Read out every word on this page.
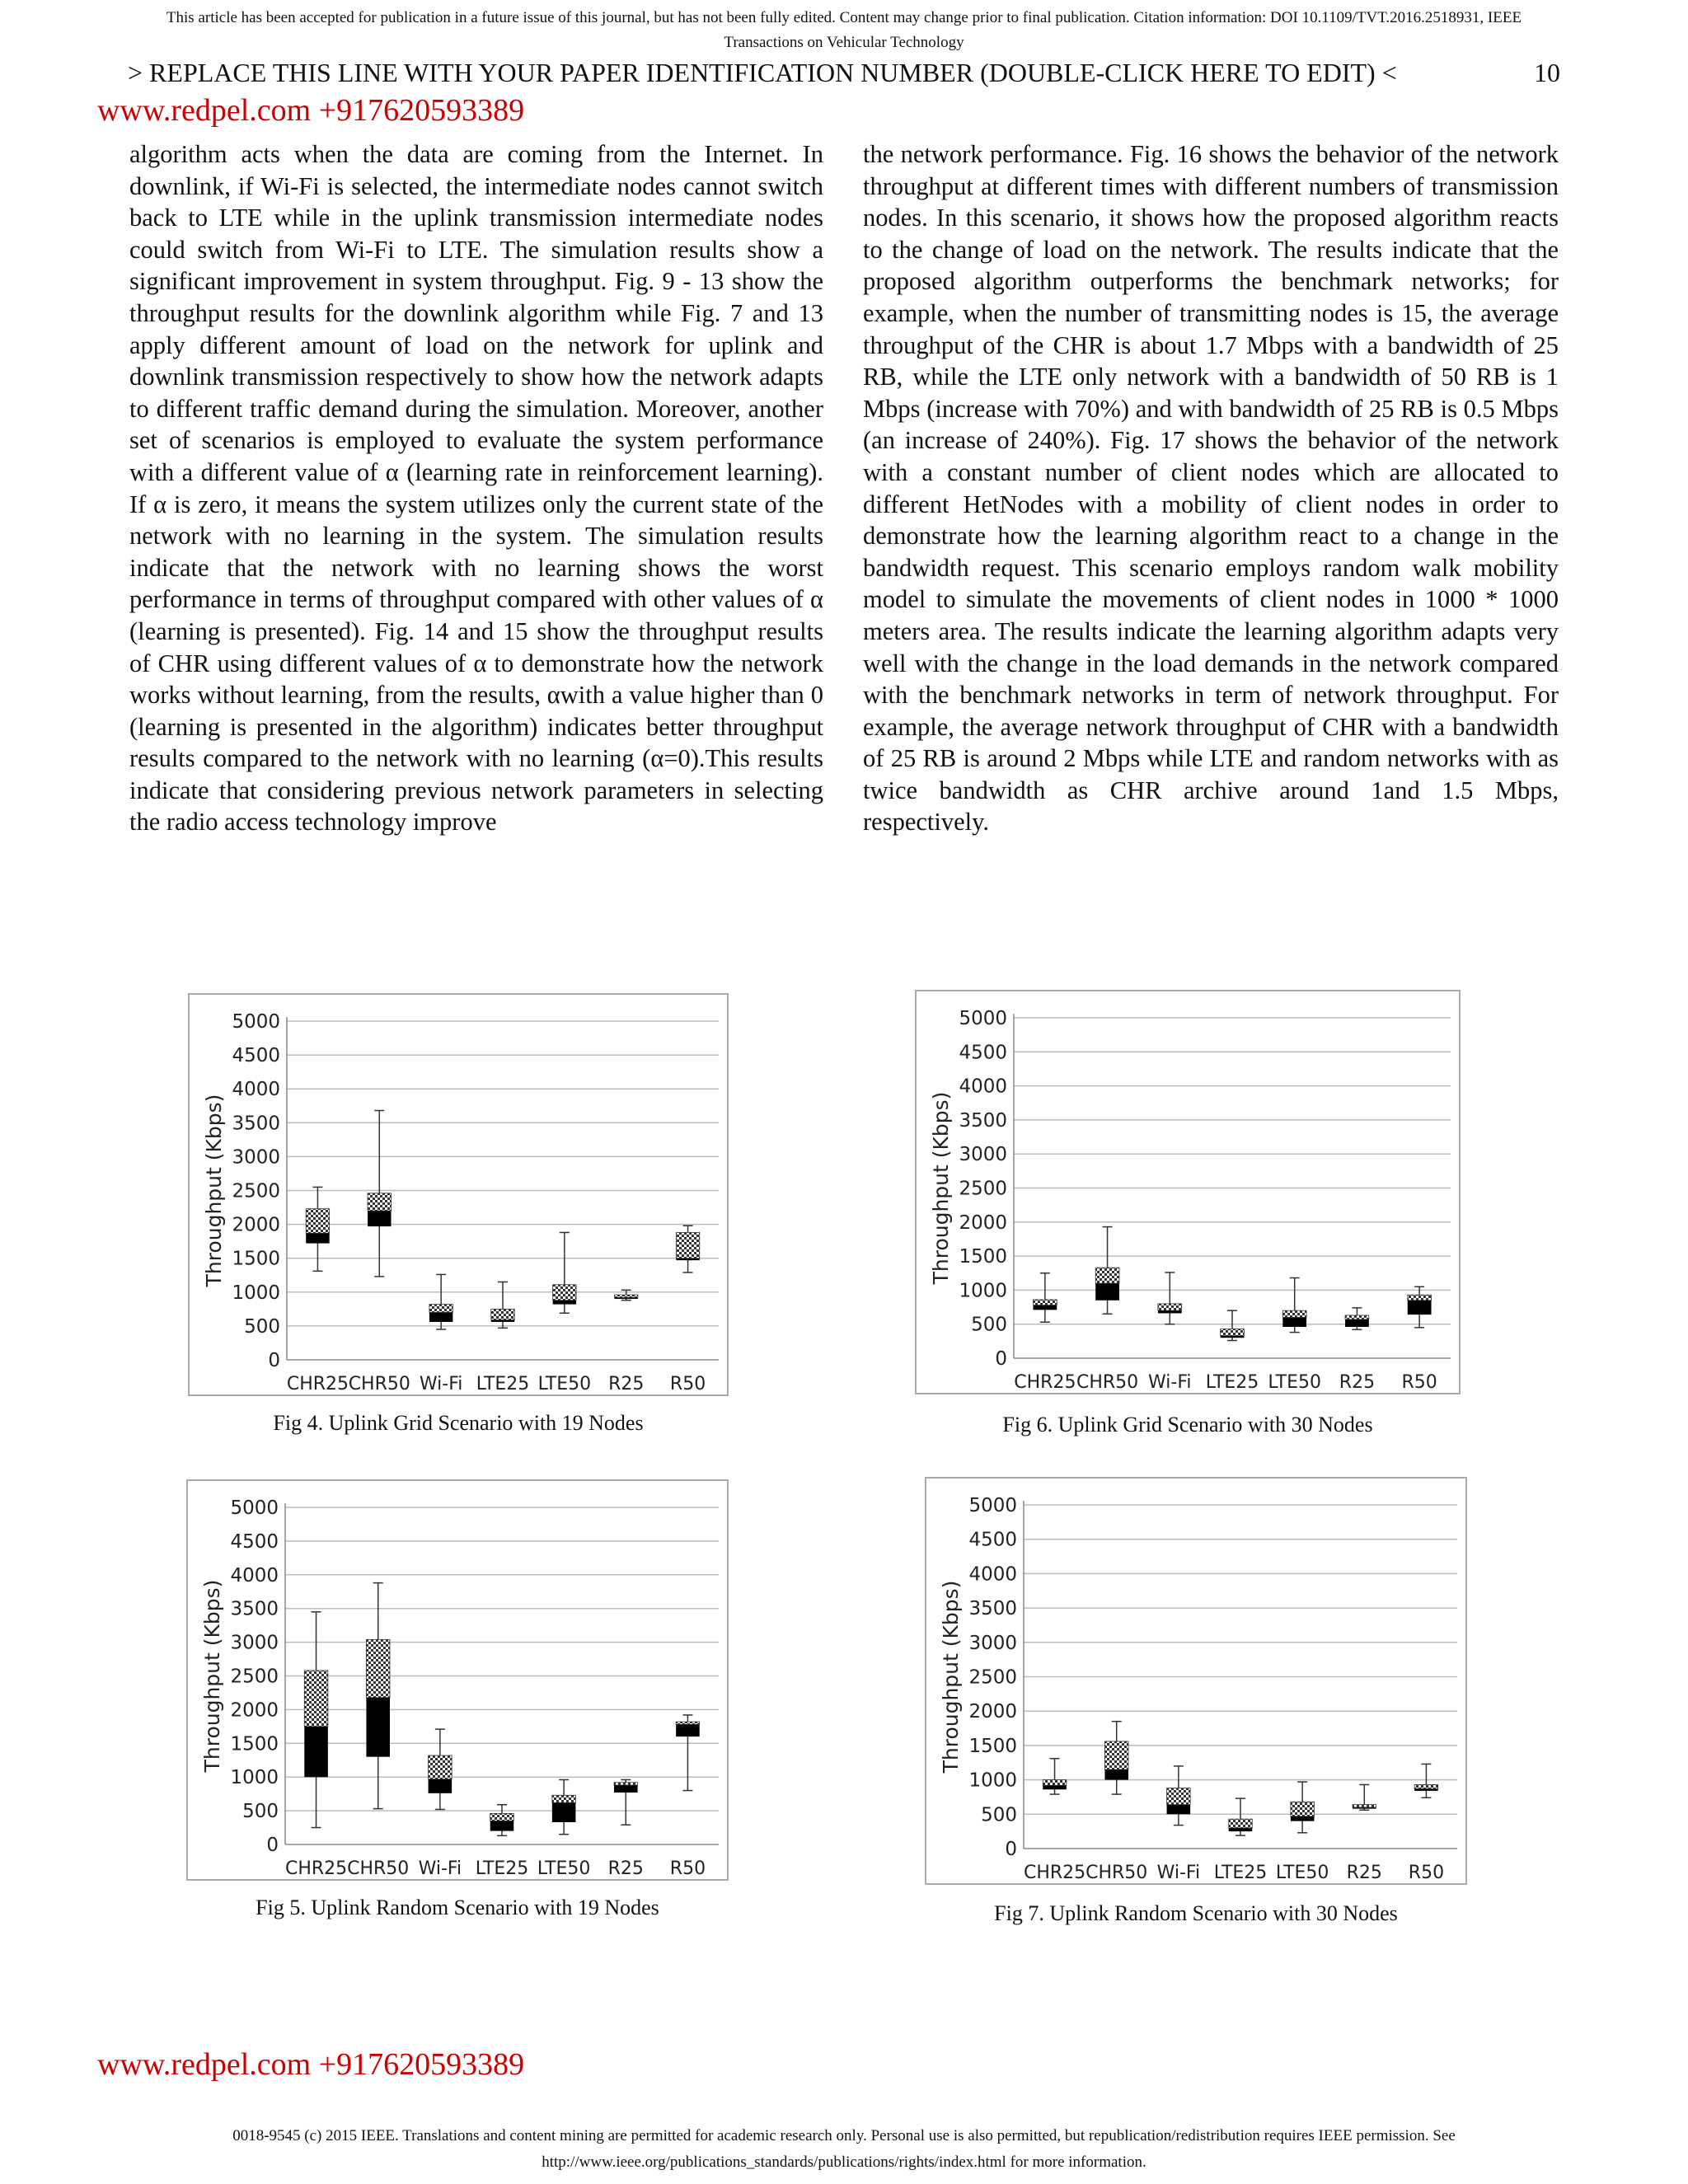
This article has been accepted for publication in a future issue of this journal, but has not been fully edited. Content may change prior to final publication. Citation information: DOI 10.1109/TVT.2016.2518931, IEEE
Transactions on Vehicular Technology
> REPLACE THIS LINE WITH YOUR PAPER IDENTIFICATION NUMBER (DOUBLE-CLICK HERE TO EDIT) <	10
www.redpel.com +917620593389

algorithm acts when the data are coming from the Internet. In downlink, if Wi-Fi is selected, the intermediate nodes cannot switch back to LTE while in the uplink transmission intermediate nodes could switch from Wi-Fi to LTE. The simulation results show a significant improvement in system throughput. Fig. 9 - 13 show the throughput results for the downlink algorithm while Fig. 7 and 13 apply different amount of load on the network for uplink and downlink transmission respectively to show how the network adapts to different traffic demand during the simulation. Moreover, another set of scenarios is employed to evaluate the system performance with a different value of α (learning rate in reinforcement learning). If α is zero, it means the system utilizes only the current state of the network with no learning in the system. The simulation results indicate that the network with no learning shows the worst performance in terms of throughput compared with other values of α (learning is presented). Fig. 14 and 15 show the throughput results of CHR using different values of α to demonstrate how the network works without learning, from the results, αwith a value higher than 0 (learning is presented in the algorithm) indicates better throughput results compared to the network with no learning (α=0).This results indicate that considering previous network parameters in selecting the radio access technology improve

the network performance. Fig. 16 shows the behavior of the network throughput at different times with different numbers of transmission nodes. In this scenario, it shows how the proposed algorithm reacts to the change of load on the network. The results indicate that the proposed algorithm outperforms the benchmark networks; for example, when the number of transmitting nodes is 15, the average throughput of the CHR is about 1.7 Mbps with a bandwidth of 25 RB, while the LTE only network with a bandwidth of 50 RB is 1 Mbps (increase with 70%) and with bandwidth of 25 RB is 0.5 Mbps (an increase of 240%). Fig. 17 shows the behavior of the network with a constant number of client nodes which are allocated to different HetNodes with a mobility of client nodes in order to demonstrate how the learning algorithm react to a change in the bandwidth request. This scenario employs random walk mobility model to simulate the movements of client nodes in 1000 * 1000 meters area. The results indicate the learning algorithm adapts very well with the change in the load demands in the network compared with the benchmark networks in term of network throughput. For example, the average network throughput of CHR with a bandwidth of 25 RB is around 2 Mbps while LTE and random networks with as twice bandwidth as CHR archive around 1and 1.5 Mbps, respectively.

5000
4500
4000
3500
3000
2500
2000
1500
1000
500
0
Throughput (Kbps)
CHR25 CHR50 Wi-Fi LTE25 LTE50 R25 R50
Fig 4. Uplink Grid Scenario with 19 Nodes
5000
4500
4000
3500
3000
2500
2000
1500
1000
500
0
Throughput (Kbps)
CHR25 CHR50 Wi-Fi LTE25 LTE50 R25 R50
Fig 6. Uplink Grid Scenario with 30 Nodes
5000
4500
4000
3500
3000
2500
2000
1500
1000
500
0
Throughput (Kbps)
CHR25 CHR50 Wi-Fi LTE25 LTE50 R25 R50
Fig 5. Uplink Random Scenario with 19 Nodes
5000
4500
4000
3500
3000
2500
2000
1500
1000
500
0
Throughput (Kbps)
CHR25 CHR50 Wi-Fi LTE25 LTE50 R25 R50
Fig 7. Uplink Random Scenario with 30 Nodes
www.redpel.com +917620593389
0018-9545 (c) 2015 IEEE. Translations and content mining are permitted for academic research only. Personal use is also permitted, but republication/redistribution requires IEEE permission. See
http://www.ieee.org/publications_standards/publications/rights/index.html for more information.
